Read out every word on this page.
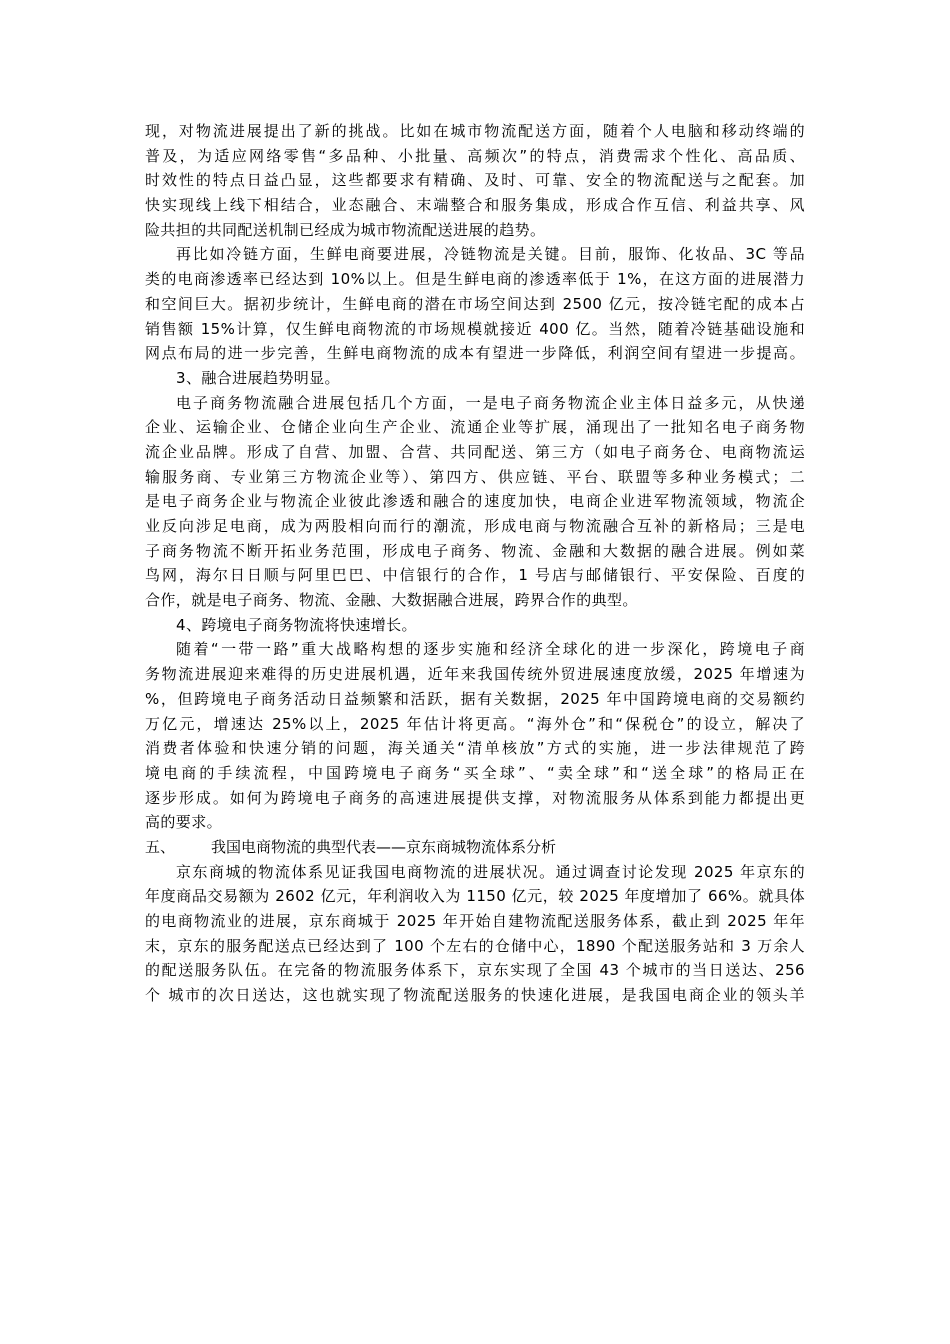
现，对物流进展提出了新的挑战。比如在城市物流配送方面，随着个人电脑和移动终端的
普及，为适应网络零售“多品种、小批量、高频次”的特点，消费需求个性化、高品质、
时效性的特点日益凸显，这些都要求有精确、及时、可靠、安全的物流配送与之配套。加
快实现线上线下相结合，业态融合、末端整合和服务集成，形成合作互信、利益共享、风
险共担的共同配送机制已经成为城市物流配送进展的趋势。
再比如冷链方面，生鲜电商要进展，冷链物流是关键。目前，服饰、化妆品、3C 等品
类的电商渗透率已经达到 10%以上。但是生鲜电商的渗透率低于 1%，在这方面的进展潜力
和空间巨大。据初步统计，生鲜电商的潜在市场空间达到 2500 亿元，按冷链宅配的成本占
销售额 15%计算，仅生鲜电商物流的市场规模就接近 400 亿。当然，随着冷链基础设施和
网点布局的进一步完善，生鲜电商物流的成本有望进一步降低，利润空间有望进一步提高。
3、融合进展趋势明显。
电子商务物流融合进展包括几个方面，一是电子商务物流企业主体日益多元，从快递
企业、运输企业、仓储企业向生产企业、流通企业等扩展，涌现出了一批知名电子商务物
流企业品牌。形成了自营、加盟、合营、共同配送、第三方（如电子商务仓、电商物流运
输服务商、专业第三方物流企业等）、第四方、供应链、平台、联盟等多种业务模式；二
是电子商务企业与物流企业彼此渗透和融合的速度加快，电商企业进军物流领域，物流企
业反向涉足电商，成为两股相向而行的潮流，形成电商与物流融合互补的新格局；三是电
子商务物流不断开拓业务范围，形成电子商务、物流、金融和大数据的融合进展。例如菜
鸟网，海尔日日顺与阿里巴巴、中信银行的合作，1 号店与邮储银行、平安保险、百度的
合作，就是电子商务、物流、金融、大数据融合进展，跨界合作的典型。
4、跨境电子商务物流将快速增长。
随着“一带一路”重大战略构想的逐步实施和经济全球化的进一步深化，跨境电子商
务物流进展迎来难得的历史进展机遇，近年来我国传统外贸进展速度放缓，2025 年增速为
%，但跨境电子商务活动日益频繁和活跃，据有关数据，2025 年中国跨境电商的交易额约
万亿元，增速达 25%以上，2025 年估计将更高。“海外仓”和“保税仓”的设立，解决了
消费者体验和快速分销的问题，海关通关“清单核放”方式的实施，进一步法律规范了跨
境电商的手续流程，中国跨境电子商务“买全球”、“卖全球”和“送全球”的格局正在
逐步形成。如何为跨境电子商务的高速进展提供支撑，对物流服务从体系到能力都提出更
高的要求。
五、	我国电商物流的典型代表——京东商城物流体系分析
京东商城的物流体系见证我国电商物流的进展状况。通过调查讨论发现 2025 年京东的
年度商品交易额为 2602 亿元，年利润收入为 1150 亿元，较 2025 年度增加了 66%。就具体
的电商物流业的进展，京东商城于 2025 年开始自建物流配送服务体系，截止到 2025 年年
末，京东的服务配送点已经达到了 100 个左右的仓储中心，1890 个配送服务站和 3 万余人
的配送服务队伍。在完备的物流服务体系下，京东实现了全国 43 个城市的当日送达、256
个 城市的次日送达，这也就实现了物流配送服务的快速化进展，是我国电商企业的领头羊
